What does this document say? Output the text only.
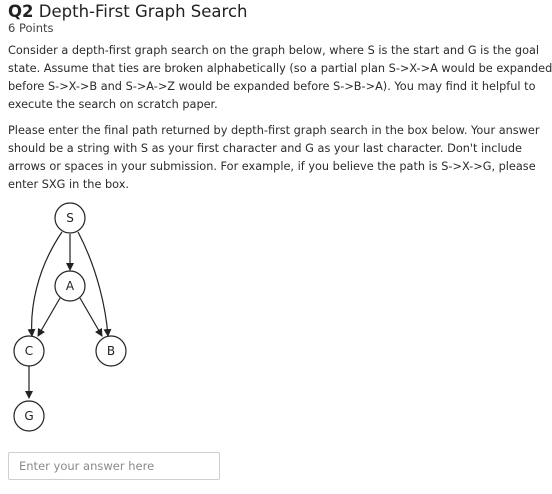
Q2 Depth-First Graph Search
6 Points
Consider a depth-first graph search on the graph below, where S is the start and G is the goal
state. Assume that ties are broken alphabetically (so a partial plan S->X->A would be expanded
before S->X->B and S->A->Z would be expanded before S->B->A). You may find it helpful to
execute the search on scratch paper.
Please enter the final path returned by depth-first graph search in the box below. Your answer
should be a string with S as your first character and G as your last character. Don't include
arrows or spaces in your submission. For example, if you believe the path is S->X->G, please
enter SXG in the box.
S
A
C	B
G
Enter your answer here
